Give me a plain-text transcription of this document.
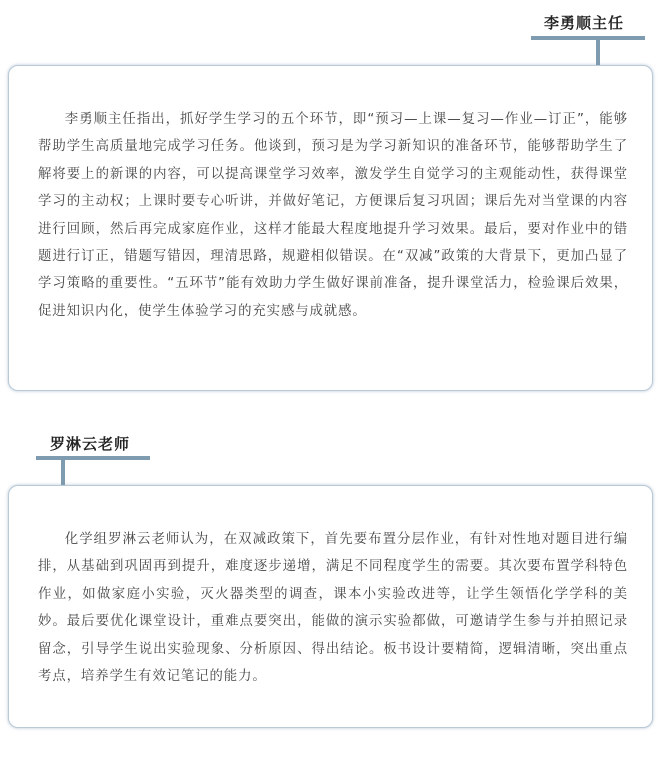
李勇顺主任

李勇顺主任指出，抓好学生学习的五个环节，即“预习—上课—复习—作业—订正”，能够帮助学生高质量地完成学习任务。他谈到，预习是为学习新知识的准备环节，能够帮助学生了解将要上的新课的内容，可以提高课堂学习效率，激发学生自觉学习的主观能动性，获得课堂学习的主动权；上课时要专心听讲，并做好笔记，方便课后复习巩固；课后先对当堂课的内容进行回顾，然后再完成家庭作业，这样才能最大程度地提升学习效果。最后，要对作业中的错题进行订正，错题写错因，理清思路，规避相似错误。在“双减”政策的大背景下，更加凸显了学习策略的重要性。“五环节”能有效助力学生做好课前准备，提升课堂活力，检验课后效果，促进知识内化，使学生体验学习的充实感与成就感。

罗淋云老师

化学组罗淋云老师认为，在双减政策下，首先要布置分层作业，有针对性地对题目进行编排，从基础到巩固再到提升，难度逐步递增，满足不同程度学生的需要。其次要布置学科特色作业，如做家庭小实验，灭火器类型的调查，课本小实验改进等，让学生领悟化学学科的美妙。最后要优化课堂设计，重难点要突出，能做的演示实验都做，可邀请学生参与并拍照记录留念，引导学生说出实验现象、分析原因、得出结论。板书设计要精简，逻辑清晰，突出重点考点，培养学生有效记笔记的能力。
